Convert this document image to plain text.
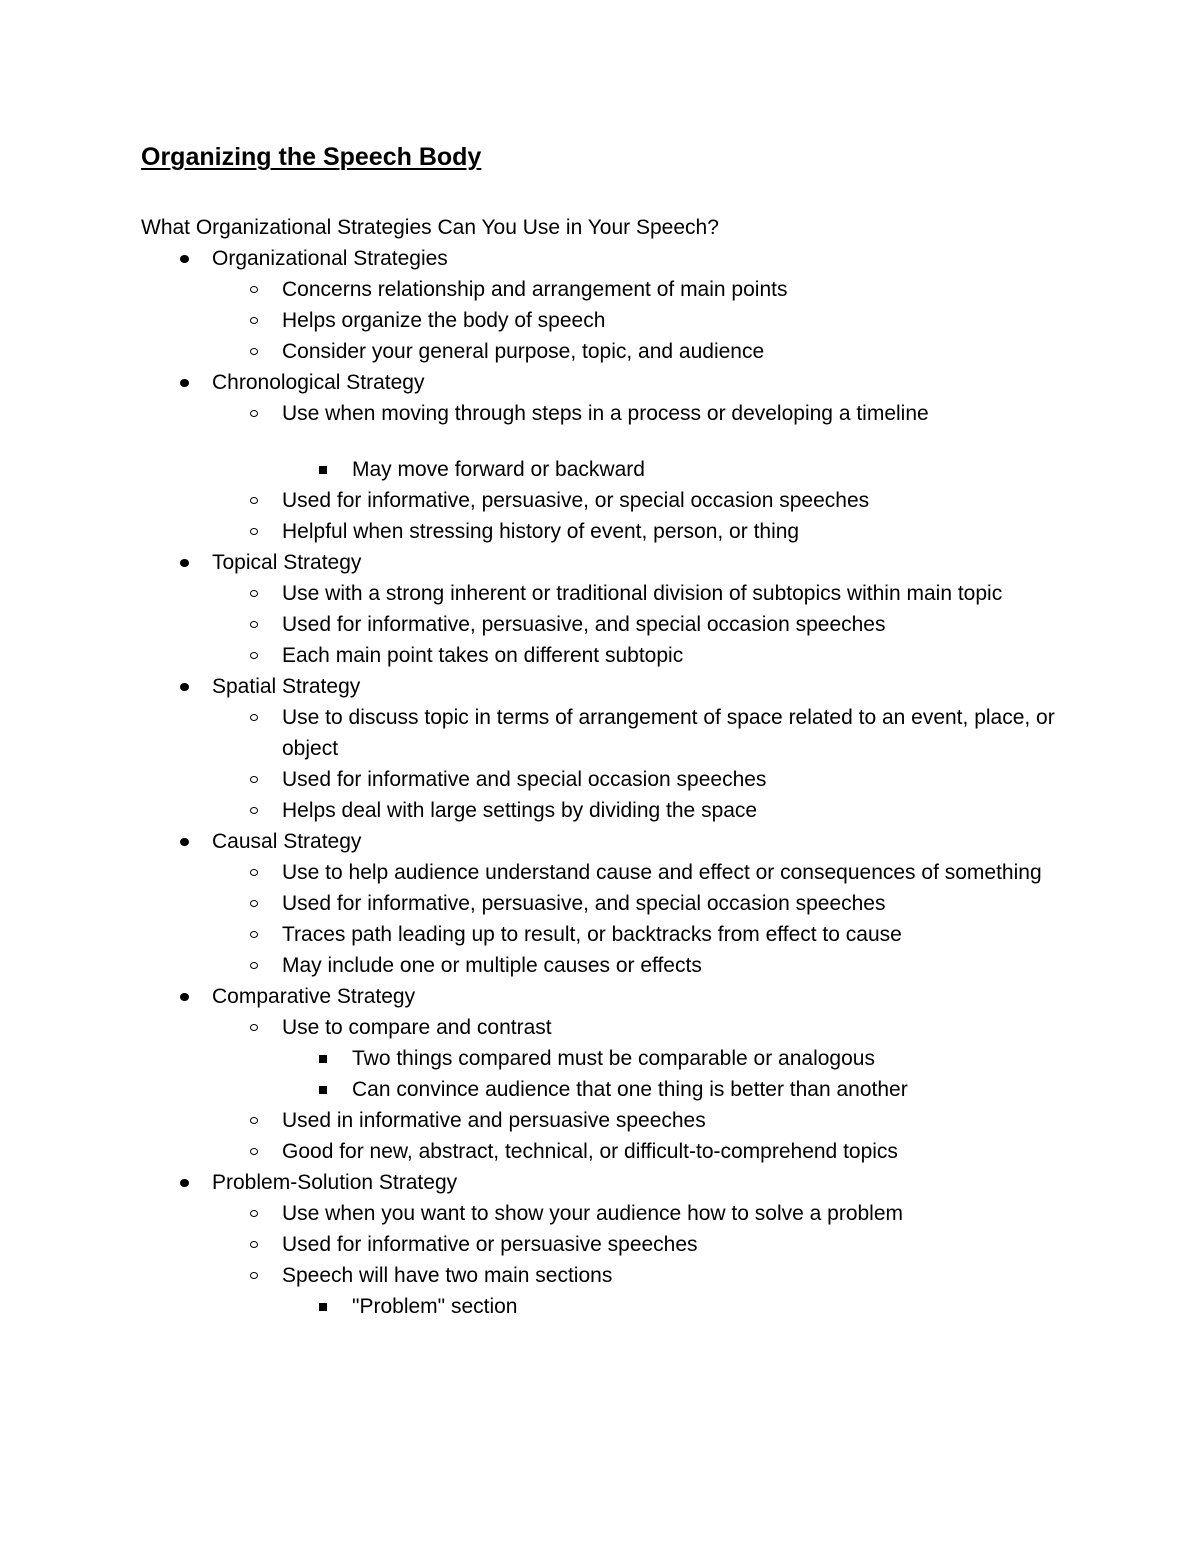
Organizing the Speech Body
What Organizational Strategies Can You Use in Your Speech?
Organizational Strategies
Concerns relationship and arrangement of main points
Helps organize the body of speech
Consider your general purpose, topic, and audience
Chronological Strategy
Use when moving through steps in a process or developing a timeline
May move forward or backward
Used for informative, persuasive, or special occasion speeches
Helpful when stressing history of event, person, or thing
Topical Strategy
Use with a strong inherent or traditional division of subtopics within main topic
Used for informative, persuasive, and special occasion speeches
Each main point takes on different subtopic
Spatial Strategy
Use to discuss topic in terms of arrangement of space related to an event, place, or object
Used for informative and special occasion speeches
Helps deal with large settings by dividing the space
Causal Strategy
Use to help audience understand cause and effect or consequences of something
Used for informative, persuasive, and special occasion speeches
Traces path leading up to result, or backtracks from effect to cause
May include one or multiple causes or effects
Comparative Strategy
Use to compare and contrast
Two things compared must be comparable or analogous
Can convince audience that one thing is better than another
Used in informative and persuasive speeches
Good for new, abstract, technical, or difficult-to-comprehend topics
Problem-Solution Strategy
Use when you want to show your audience how to solve a problem
Used for informative or persuasive speeches
Speech will have two main sections
"Problem" section
